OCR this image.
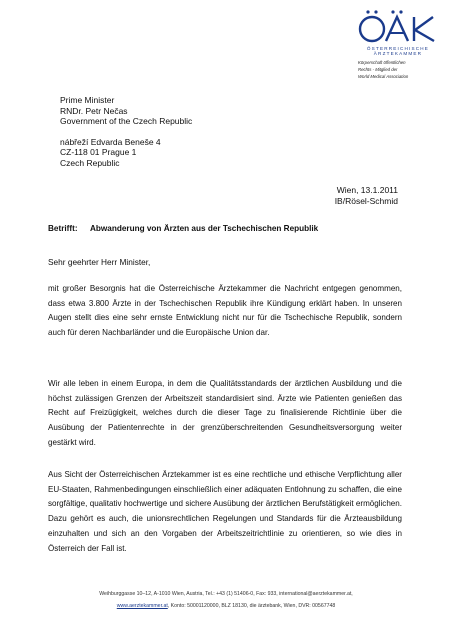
ÖSTERREICHISCHE
ÄRZTEKAMMER
Körperschaft öffentlichen
Rechts - Mitglied der
World Medical Association
Prime Minister
RNDr. Petr Nečas
Government of the Czech Republic
nábřeží Edvarda Beneše 4
CZ-118 01 Prague 1
Czech Republic
Wien, 13.1.2011
IB/Rösel-Schmid
Betrifft: Abwanderung von Ärzten aus der Tschechischen Republik
Sehr geehrter Herr Minister,
mit großer Besorgnis hat die Österreichische Ärztekammer die Nachricht entgegen genommen, dass etwa 3.800 Ärzte in der Tschechischen Republik ihre Kündigung erklärt haben. In unseren Augen stellt dies eine sehr ernste Entwicklung nicht nur für die Tschechische Republik, sondern auch für deren Nachbarländer und die Europäische Union dar.
Wir alle leben in einem Europa, in dem die Qualitätsstandards der ärztlichen Ausbildung und die höchst zulässigen Grenzen der Arbeitszeit standardisiert sind. Ärzte wie Patienten genießen das Recht auf Freizügigkeit, welches durch die dieser Tage zu finalisierende Richtlinie über die Ausübung der Patientenrechte in der grenzüberschreitenden Gesundheitsversorgung weiter gestärkt wird.
Aus Sicht der Österreichischen Ärztekammer ist es eine rechtliche und ethische Verpflichtung aller EU-Staaten, Rahmenbedingungen einschließlich einer adäquaten Entlohnung zu schaffen, die eine sorgfältige, qualitativ hochwertige und sichere Ausübung der ärztlichen Berufstätigkeit ermöglichen. Dazu gehört es auch, die unionsrechtlichen Regelungen und Standards für die Ärzteausbildung einzuhalten und sich an den Vorgaben der Arbeitszeitrichtlinie zu orientieren, so wie dies in Österreich der Fall ist.
Weihburggasse 10–12, A-1010 Wien, Austria, Tel.: +43 (1) 51406-0, Fax: 933, international@aerztekammer.at,
www.aerztekammer.at, Konto: 50001120000, BLZ 18130, die ärztebank, Wien, DVR: 00567748
